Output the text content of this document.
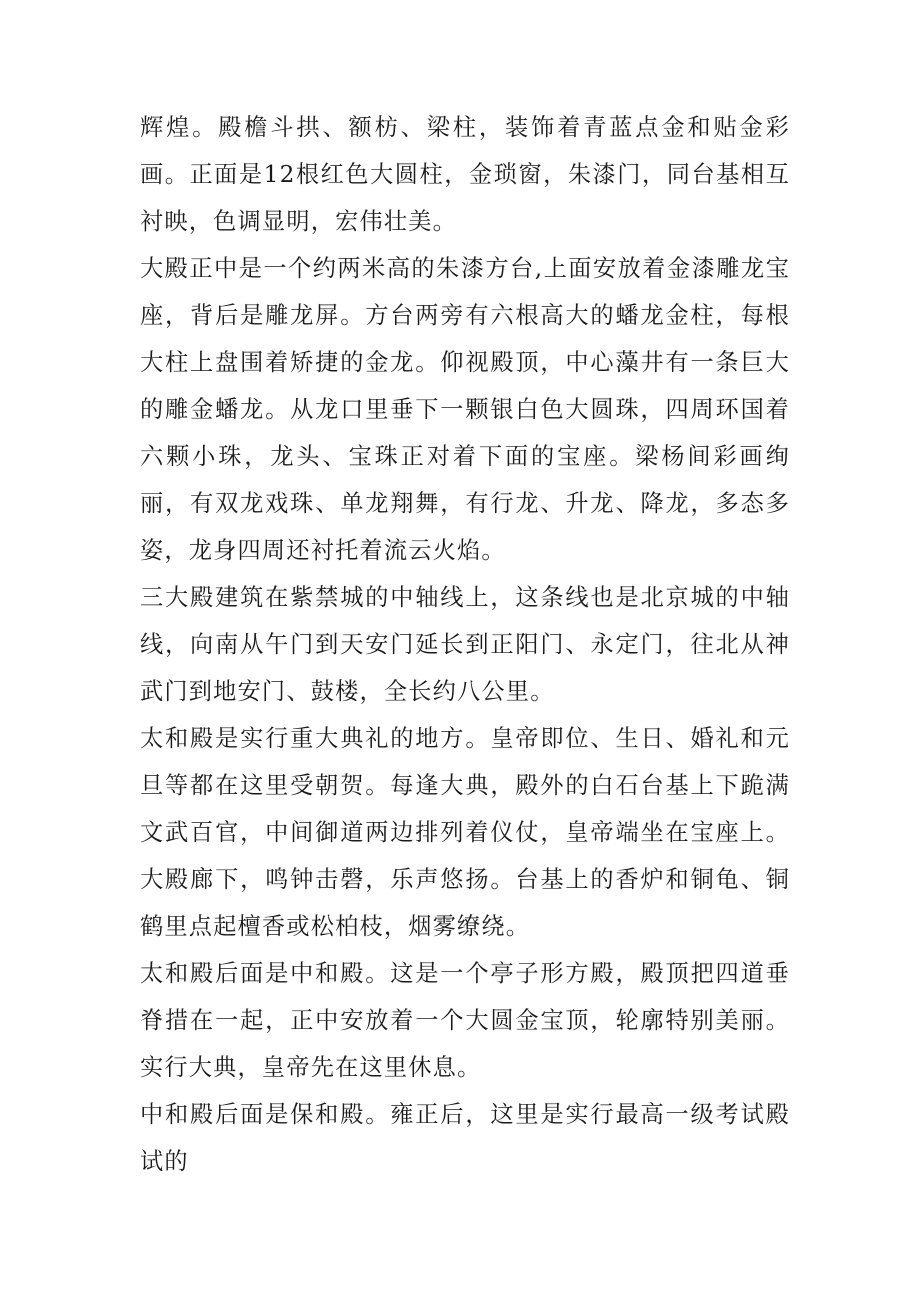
辉煌。殿檐斗拱、额枋、梁柱，装饰着青蓝点金和贴金彩画。正面是12根红色大圆柱，金琐窗，朱漆门，同台基相互衬映，色调显明，宏伟壮美。

大殿正中是一个约两米高的朱漆方台,上面安放着金漆雕龙宝座，背后是雕龙屏。方台两旁有六根高大的蟠龙金柱，每根大柱上盘围着矫捷的金龙。仰视殿顶，中心藻井有一条巨大的雕金蟠龙。从龙口里垂下一颗银白色大圆珠，四周环国着六颗小珠，龙头、宝珠正对着下面的宝座。梁杨间彩画绚丽，有双龙戏珠、单龙翔舞，有行龙、升龙、降龙，多态多姿，龙身四周还衬托着流云火焰。

三大殿建筑在紫禁城的中轴线上，这条线也是北京城的中轴线，向南从午门到天安门延长到正阳门、永定门，往北从神武门到地安门、鼓楼，全长约八公里。

太和殿是实行重大典礼的地方。皇帝即位、生日、婚礼和元旦等都在这里受朝贺。每逢大典，殿外的白石台基上下跪满文武百官，中间御道两边排列着仪仗，皇帝端坐在宝座上。大殿廊下，鸣钟击磬，乐声悠扬。台基上的香炉和铜龟、铜鹤里点起檀香或松柏枝，烟雾缭绕。

太和殿后面是中和殿。这是一个亭子形方殿，殿顶把四道垂脊措在一起，正中安放着一个大圆金宝顶，轮廓特别美丽。实行大典，皇帝先在这里休息。

中和殿后面是保和殿。雍正后，这里是实行最高一级考试殿试的
